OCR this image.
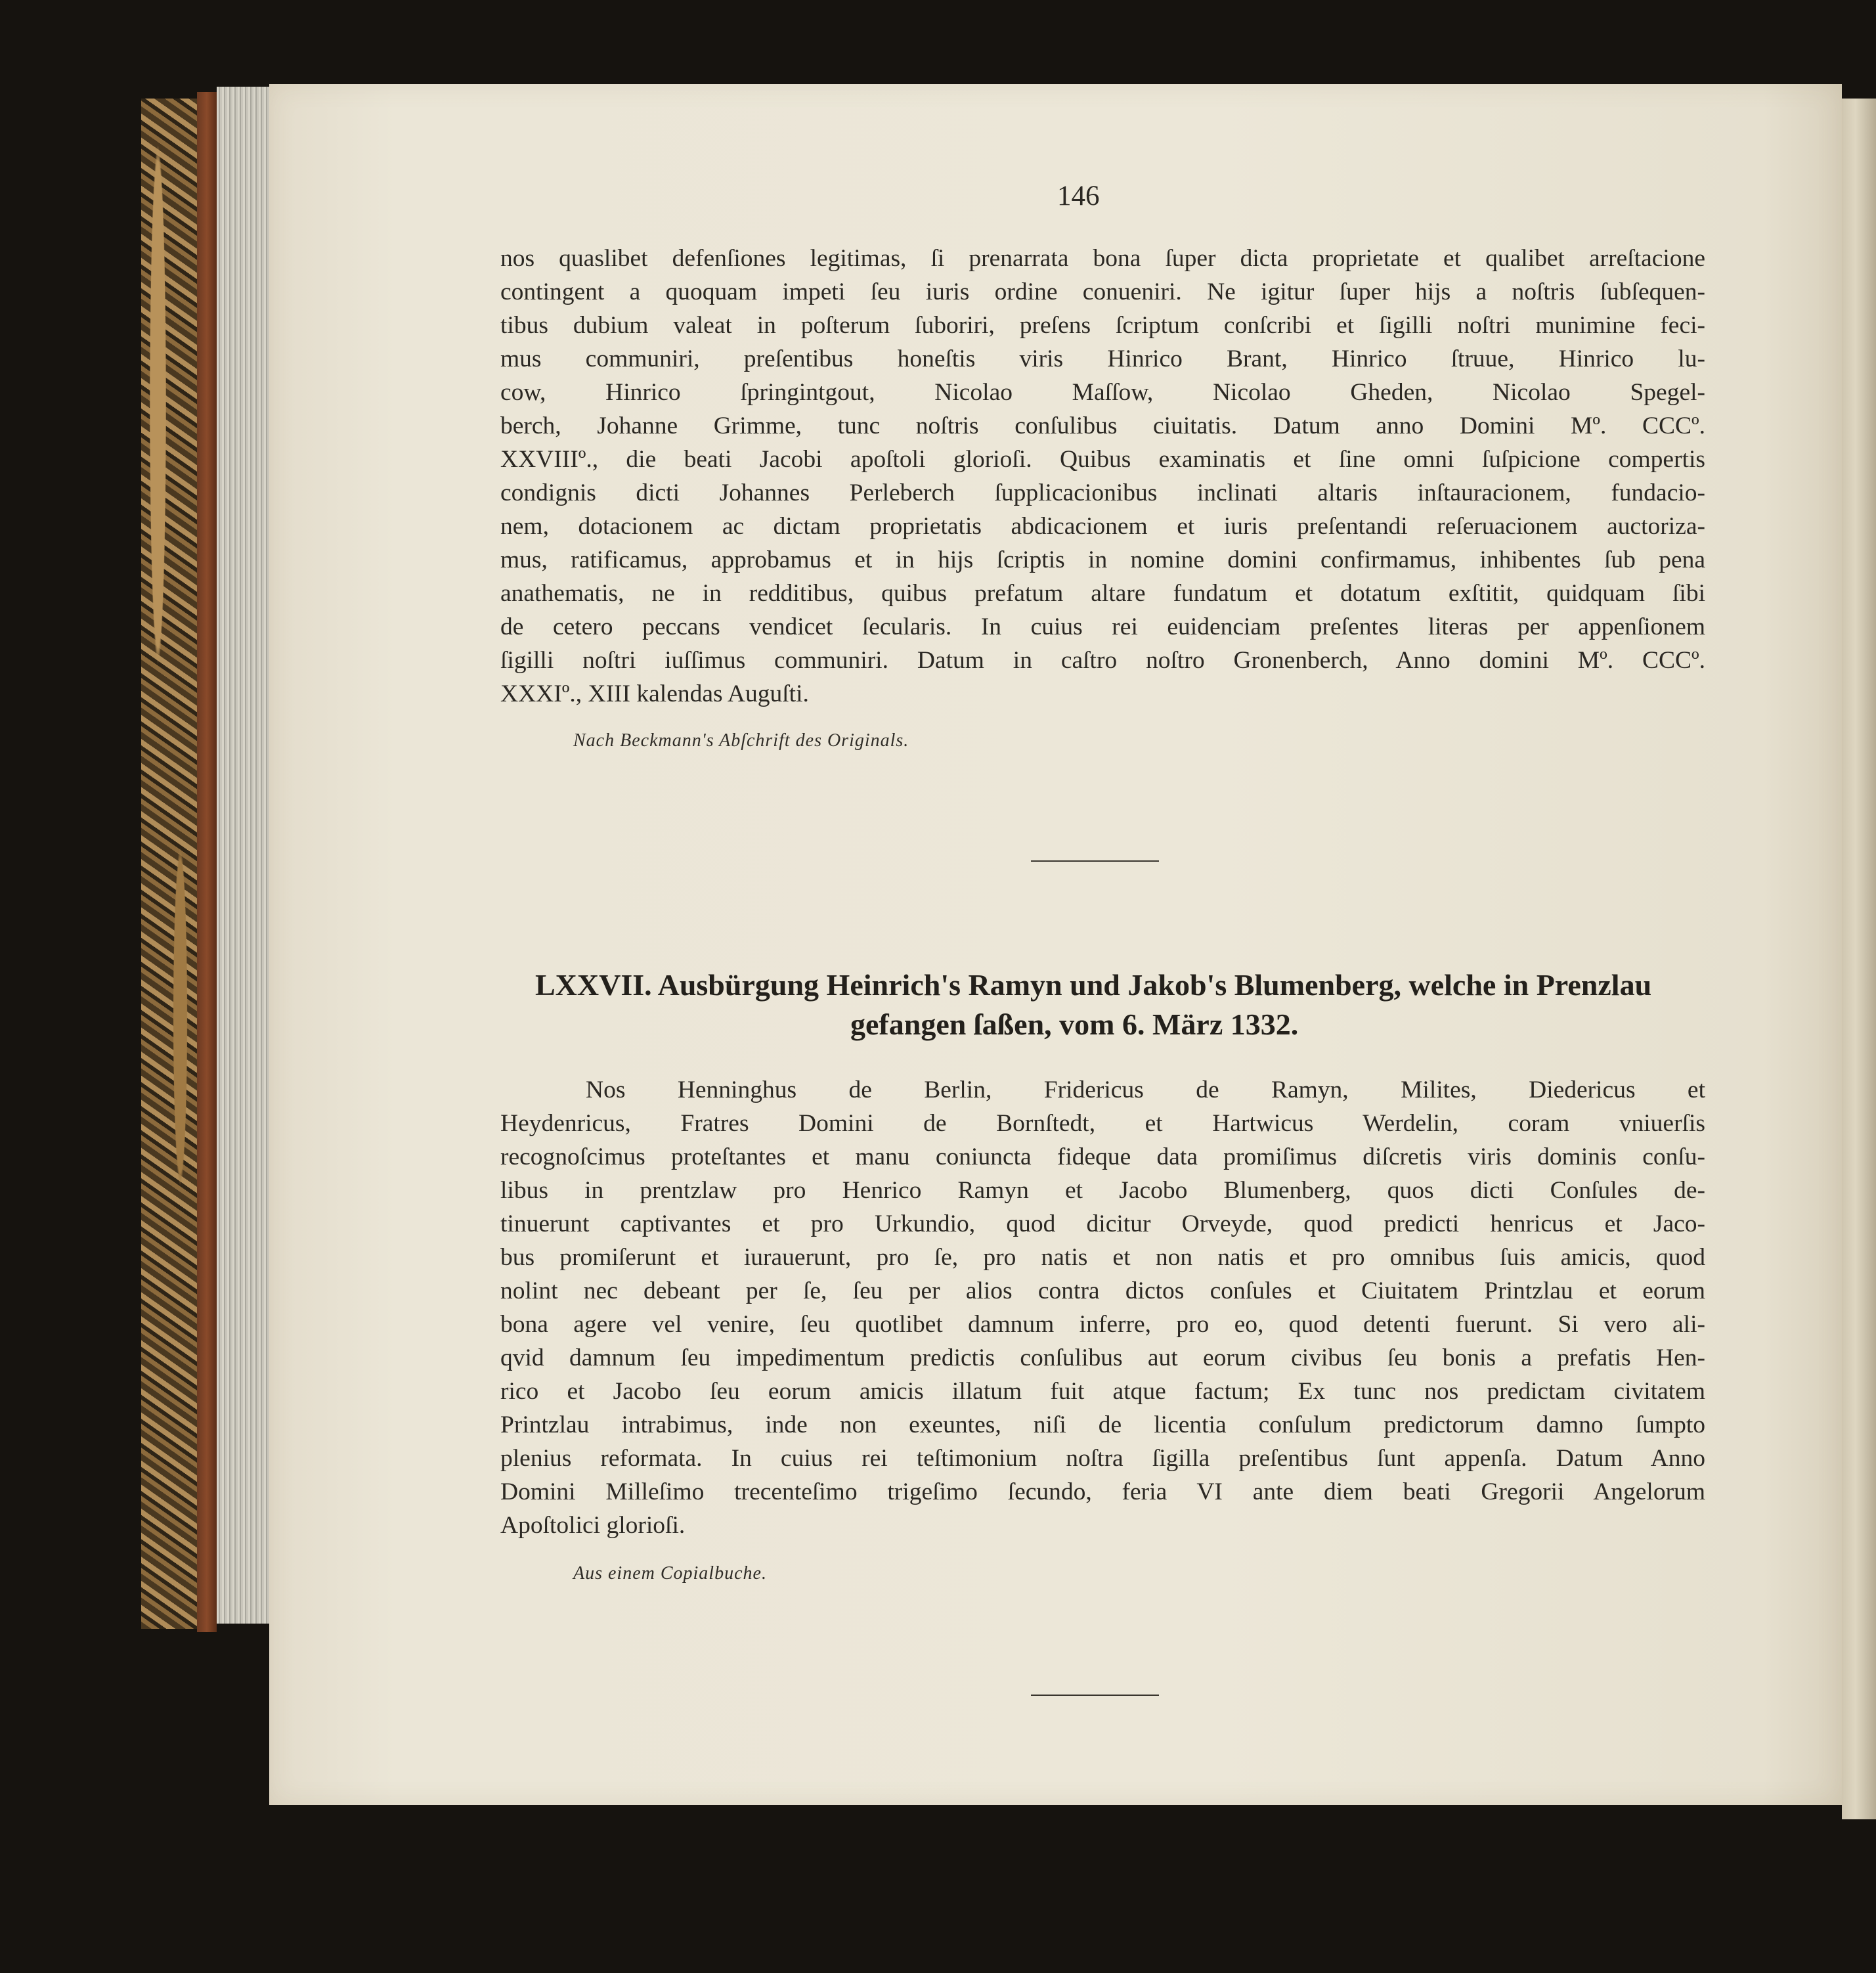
146
nos quaslibet defenſiones legitimas, ſi prenarrata bona ſuper dicta proprietate et qualibet arreſtacione
contingent a quoquam impeti ſeu iuris ordine conueniri. Ne igitur ſuper hijs a noſtris ſubſequen-
tibus dubium valeat in poſterum ſuboriri, preſens ſcriptum conſcribi et ſigilli noſtri munimine feci-
mus communiri, preſentibus honeſtis viris Hinrico Brant, Hinrico ſtruue, Hinrico lu-
cow, Hinrico ſpringintgout, Nicolao Maſſow, Nicolao Gheden, Nicolao Spegel-
berch, Johanne Grimme, tunc noſtris conſulibus ciuitatis. Datum anno Domini Mº. CCCº.
XXVIIIº., die beati Jacobi apoſtoli glorioſi. Quibus examinatis et ſine omni ſuſpicione compertis
condignis dicti Johannes Perleberch ſupplicacionibus inclinati altaris inſtauracionem, fundacio-
nem, dotacionem ac dictam proprietatis abdicacionem et iuris preſentandi reſeruacionem auctoriza-
mus, ratificamus, approbamus et in hijs ſcriptis in nomine domini confirmamus, inhibentes ſub pena
anathematis, ne in redditibus, quibus prefatum altare fundatum et dotatum exſtitit, quidquam ſibi
de cetero peccans vendicet ſecularis. In cuius rei euidenciam preſentes literas per appenſionem
ſigilli noſtri iuſſimus communiri. Datum in caſtro noſtro Gronenberch, Anno domini Mº. CCCº.
XXXIº., XIII kalendas Auguſti.
Nach Beckmann's Abſchrift des Originals.
LXXVII. Ausbürgung Heinrich's Ramyn und Jakob's Blumenberg, welche in Prenzlau
gefangen ſaßen, vom 6. März 1332.
Nos Henninghus de Berlin, Fridericus de Ramyn, Milites, Diedericus et
Heydenricus, Fratres Domini de Bornſtedt, et Hartwicus Werdelin, coram vniuerſis
recognoſcimus proteſtantes et manu coniuncta fideque data promiſimus diſcretis viris dominis conſu-
libus in prentzlaw pro Henrico Ramyn et Jacobo Blumenberg, quos dicti Conſules de-
tinuerunt captivantes et pro Urkundio, quod dicitur Orveyde, quod predicti henricus et Jaco-
bus promiſerunt et iurauerunt, pro ſe, pro natis et non natis et pro omnibus ſuis amicis, quod
nolint nec debeant per ſe, ſeu per alios contra dictos conſules et Ciuitatem Printzlau et eorum
bona agere vel venire, ſeu quotlibet damnum inferre, pro eo, quod detenti fuerunt. Si vero ali-
qvid damnum ſeu impedimentum predictis conſulibus aut eorum civibus ſeu bonis a prefatis Hen-
rico et Jacobo ſeu eorum amicis illatum fuit atque factum; Ex tunc nos predictam civitatem
Printzlau intrabimus, inde non exeuntes, niſi de licentia conſulum predictorum damno ſumpto
plenius reformata. In cuius rei teſtimonium noſtra ſigilla preſentibus ſunt appenſa. Datum Anno
Domini Milleſimo trecenteſimo trigeſimo ſecundo, feria VI ante diem beati Gregorii Angelorum
Apoſtolici glorioſi.
Aus einem Copialbuche.
